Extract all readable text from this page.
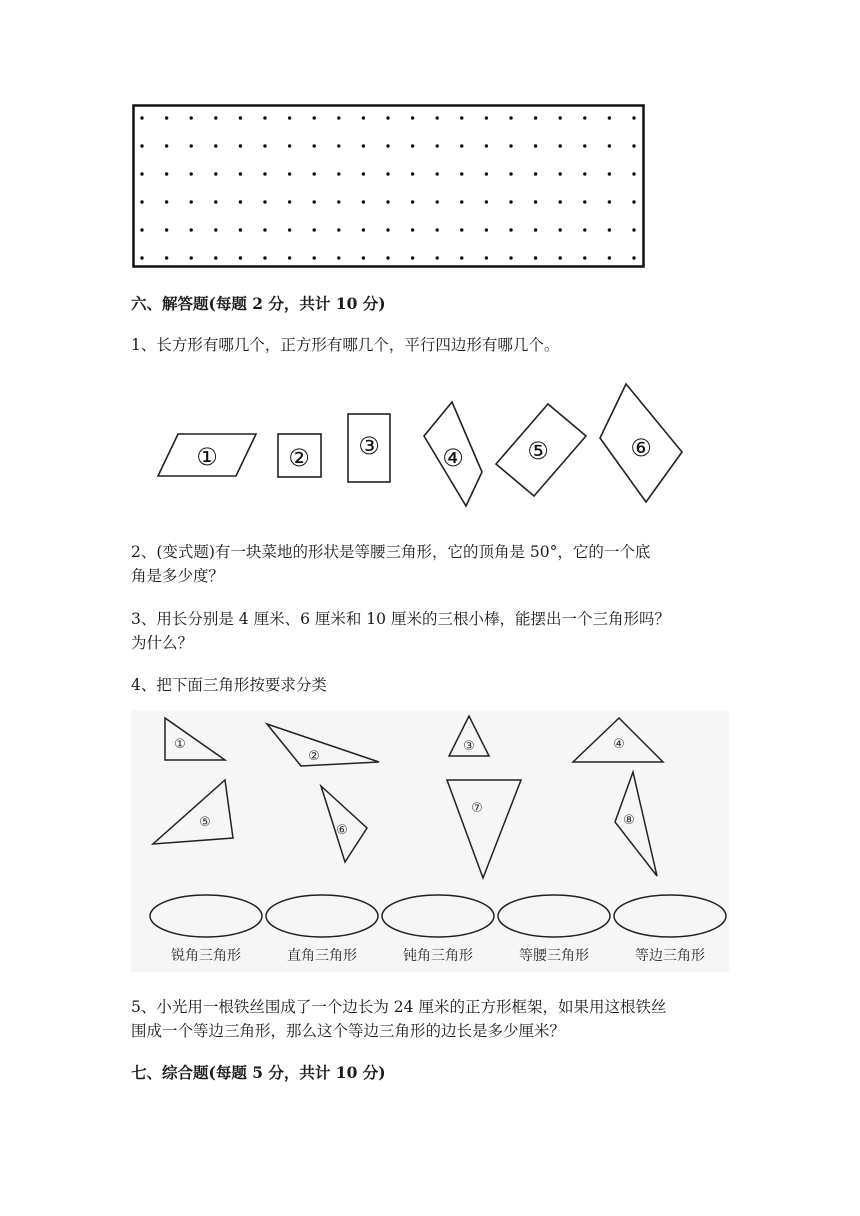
六、解答题(每题 2 分，共计 10 分)
1、长方形有哪几个，正方形有哪几个，平行四边形有哪几个。
①	② ③	④	⑤	⑥
2、(变式题)有一块菜地的形状是等腰三角形，它的顶角是 50°，它的一个底
角是多少度？
3、用长分别是 4 厘米、6 厘米和 10 厘米的三根小棒，能摆出一个三角形吗？
为什么？
4、把下面三角形按要求分类
①
②
③	④
⑤
⑥
⑦
⑧
锐角三角形	直角三角形	钝角三角形	等腰三角形	等边三角形
5、小光用一根铁丝围成了一个边长为 24 厘米的正方形框架，如果用这根铁丝
围成一个等边三角形，那么这个等边三角形的边长是多少厘米？
七、综合题(每题 5 分，共计 10 分)
